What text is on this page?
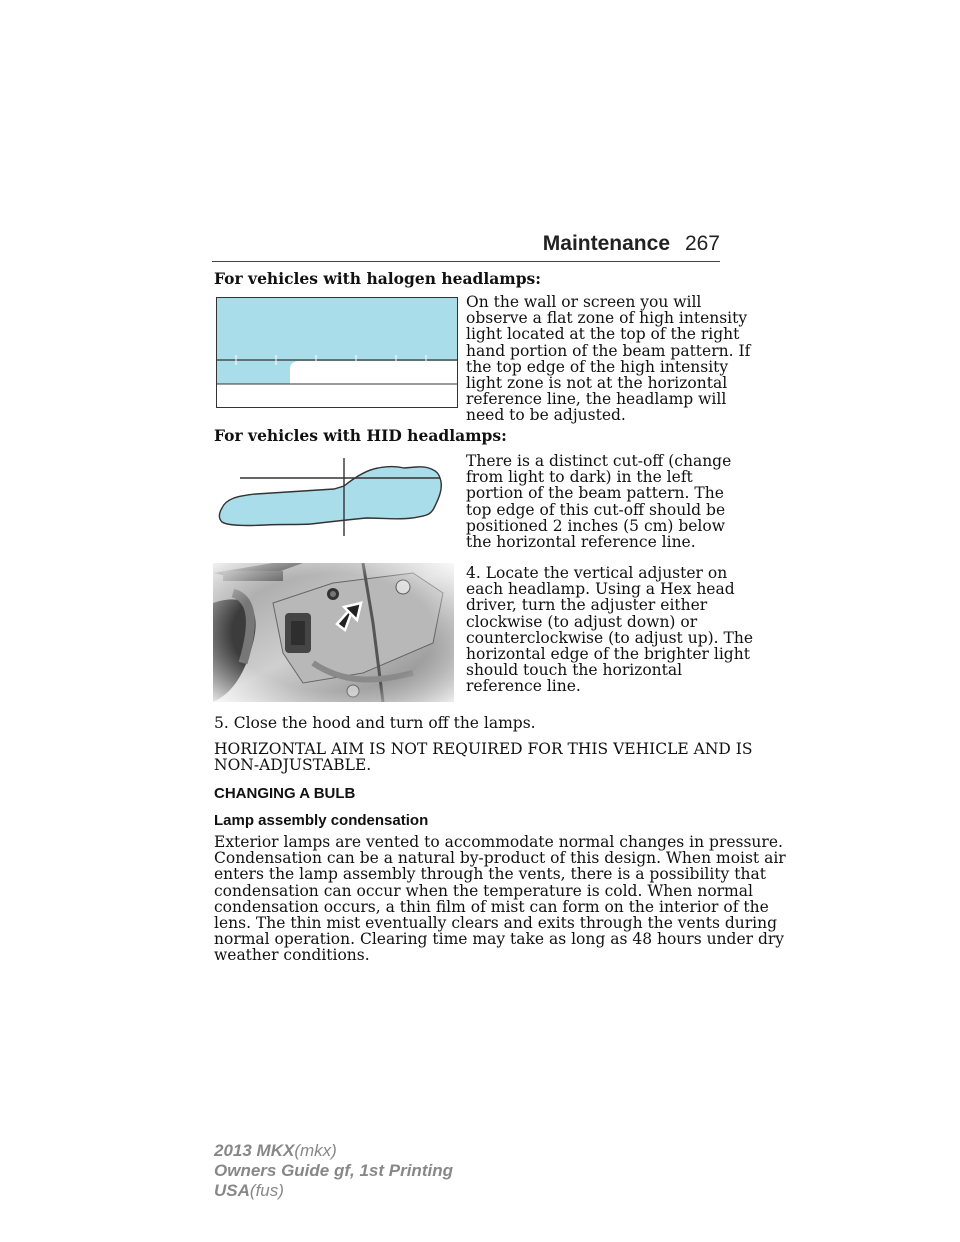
Maintenance 267
For vehicles with halogen headlamps:
On the wall or screen you will
observe a flat zone of high intensity
light located at the top of the right
hand portion of the beam pattern. If
the top edge of the high intensity
light zone is not at the horizontal
reference line, the headlamp will
need to be adjusted.
For vehicles with HID headlamps:
There is a distinct cut-off (change
from light to dark) in the left
portion of the beam pattern. The
top edge of this cut-off should be
positioned 2 inches (5 cm) below
the horizontal reference line.
4. Locate the vertical adjuster on
each headlamp. Using a Hex head
driver, turn the adjuster either
clockwise (to adjust down) or
counterclockwise (to adjust up). The
horizontal edge of the brighter light
should touch the horizontal
reference line.
5. Close the hood and turn off the lamps.
HORIZONTAL AIM IS NOT REQUIRED FOR THIS VEHICLE AND IS
NON-ADJUSTABLE.
CHANGING A BULB
Lamp assembly condensation
Exterior lamps are vented to accommodate normal changes in pressure.
Condensation can be a natural by-product of this design. When moist air
enters the lamp assembly through the vents, there is a possibility that
condensation can occur when the temperature is cold. When normal
condensation occurs, a thin film of mist can form on the interior of the
lens. The thin mist eventually clears and exits through the vents during
normal operation. Clearing time may take as long as 48 hours under dry
weather conditions.
2013 MKX(mkx)
Owners Guide gf, 1st Printing
USA(fus)
